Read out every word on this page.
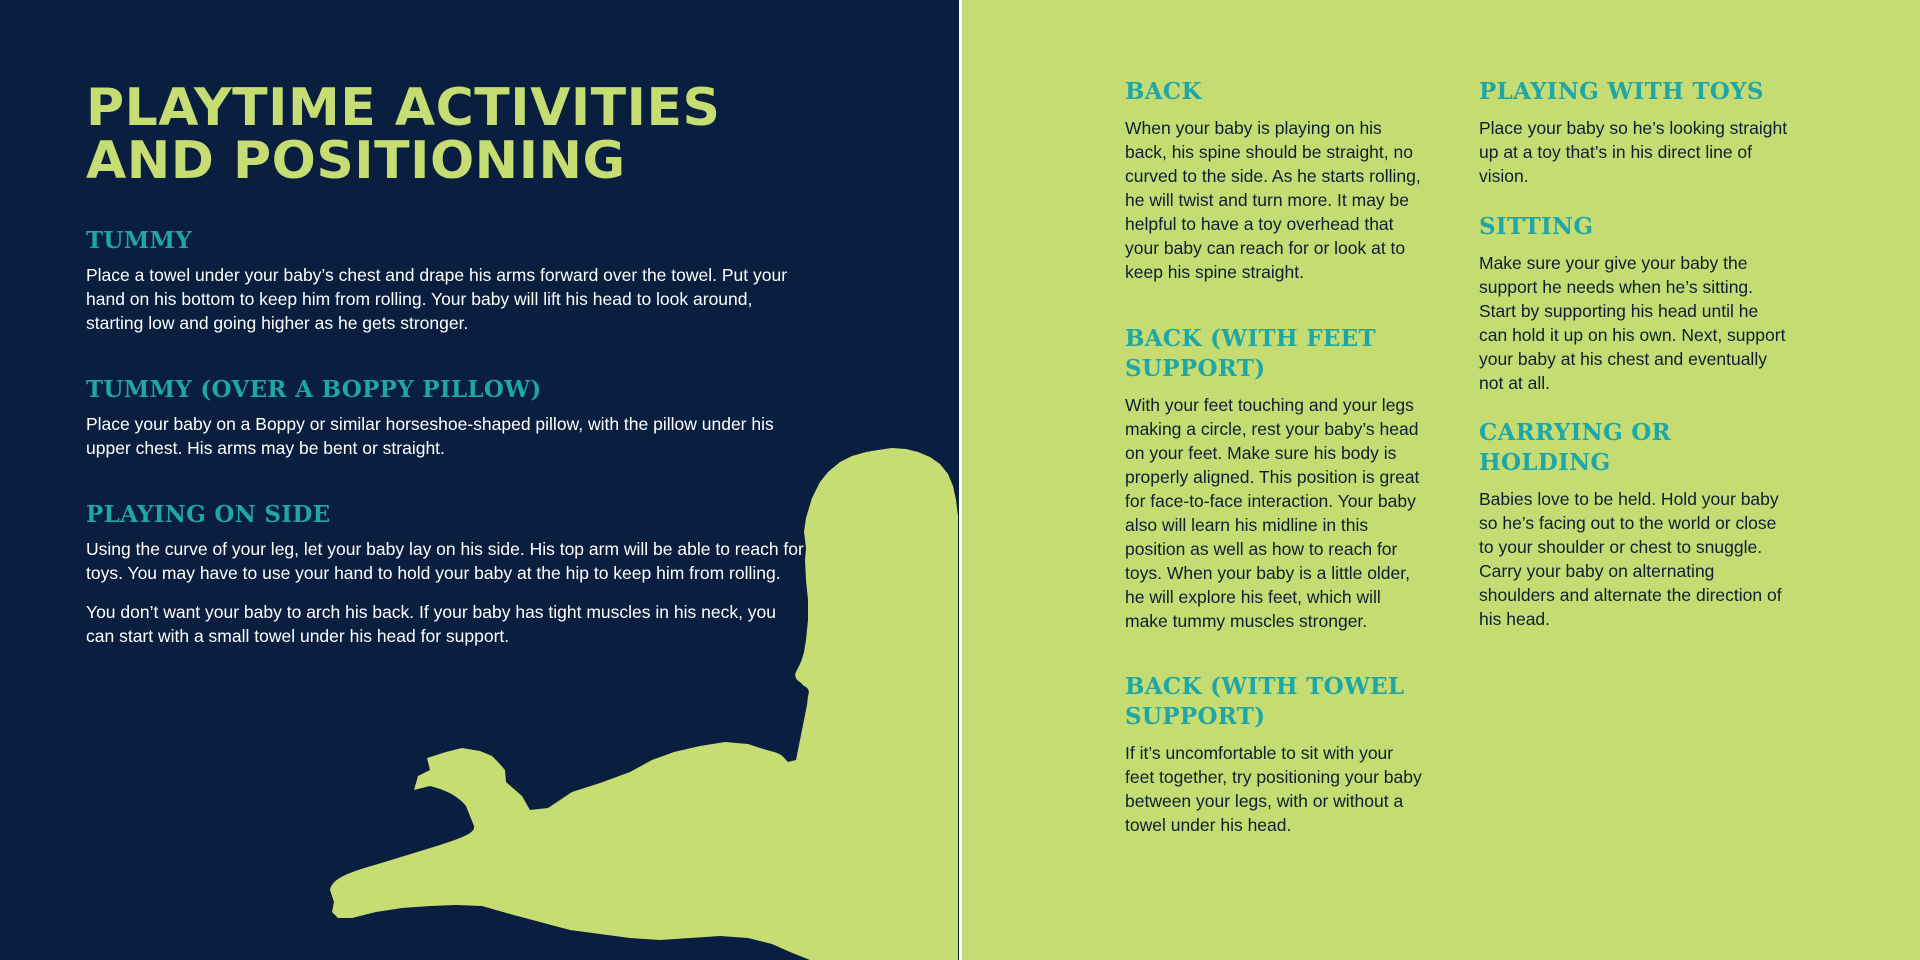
PLAYTIME ACTIVITIES
AND POSITIONING
TUMMY

Place a towel under your baby’s chest and drape his arms forward over the towel. Put your hand on his bottom to keep him from rolling. Your baby will lift his head to look around, starting low and going higher as he gets stronger.

TUMMY (OVER A BOPPY PILLOW)

Place your baby on a Boppy or similar horseshoe-shaped pillow, with the pillow under his upper chest. His arms may be bent or straight.

PLAYING ON SIDE

Using the curve of your leg, let your baby lay on his side. His top arm will be able to reach for toys. You may have to use your hand to hold your baby at the hip to keep him from rolling.

You don’t want your baby to arch his back. If your baby has tight muscles in his neck, you can start with a small towel under his head for support.

BACK

When your baby is playing on his back, his spine should be straight, no curved to the side. As he starts rolling, he will twist and turn more. It may be helpful to have a toy overhead that your baby can reach for or look at to keep his spine straight.

BACK (WITH FEET SUPPORT)

With your feet touching and your legs making a circle, rest your baby’s head on your feet. Make sure his body is properly aligned. This position is great for face-to-face interaction. Your baby also will learn his midline in this position as well as how to reach for toys. When your baby is a little older, he will explore his feet, which will make tummy muscles stronger.

BACK (WITH TOWEL SUPPORT)

If it’s uncomfortable to sit with your feet together, try positioning your baby between your legs, with or without a towel under his head.

PLAYING WITH TOYS

Place your baby so he’s looking straight up at a toy that’s in his direct line of vision.

SITTING

Make sure your give your baby the support he needs when he’s sitting. Start by supporting his head until he can hold it up on his own. Next, support your baby at his chest and eventually not at all.

CARRYING OR HOLDING

Babies love to be held. Hold your baby so he’s facing out to the world or close to your shoulder or chest to snuggle. Carry your baby on alternating shoulders and alternate the direction of his head.
